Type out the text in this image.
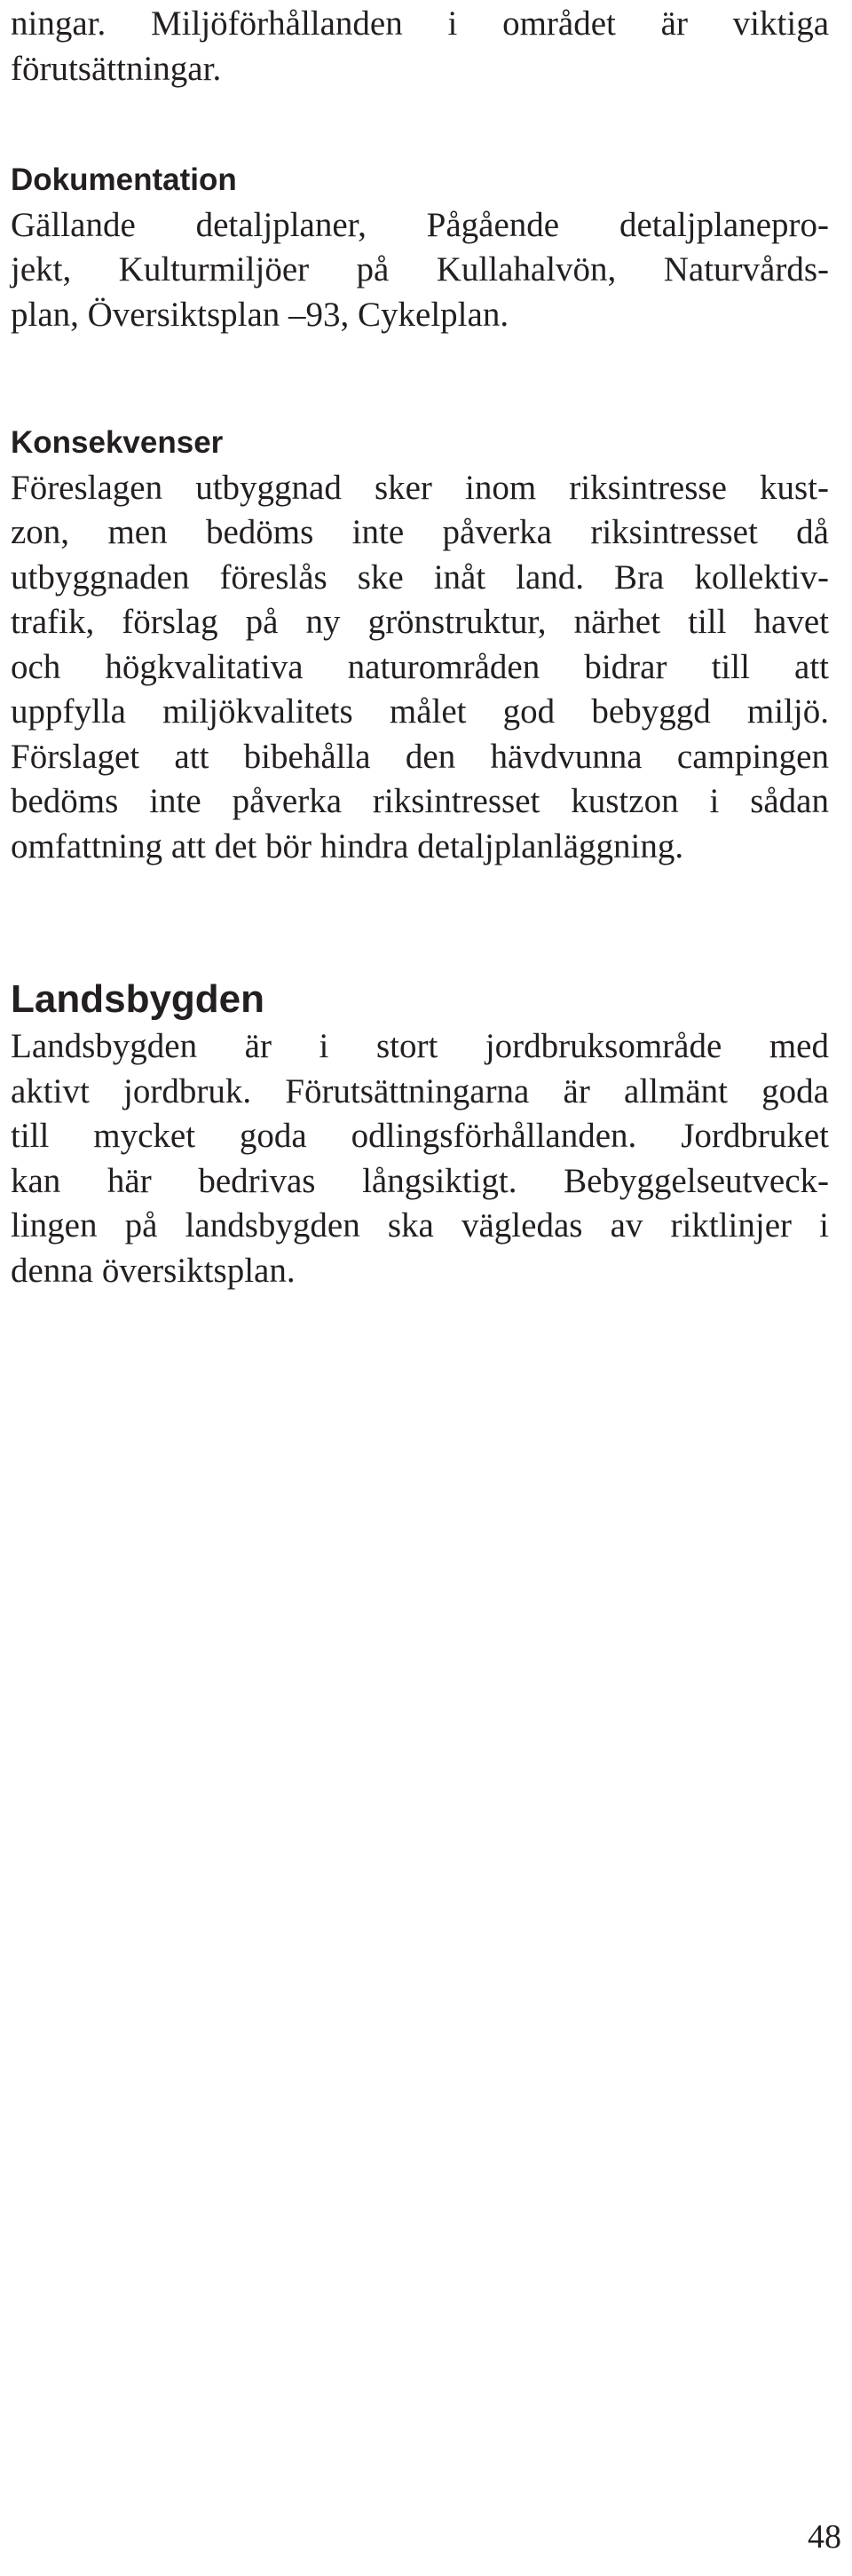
ningar. Miljöförhållanden i området är viktiga
förutsättningar.
Dokumentation
Gällande detaljplaner, Pågående detaljplanepro-
jekt, Kulturmiljöer på Kullahalvön, Naturvårds-
plan, Översiktsplan –93, Cykelplan.
Konsekvenser
Föreslagen utbyggnad sker inom riksintresse kust-
zon, men bedöms inte påverka riksintresset då
utbyggnaden föreslås ske inåt land. Bra kollektiv-
trafik, förslag på ny grönstruktur, närhet till havet
och högkvalitativa naturområden bidrar till att
uppfylla miljökvalitets målet god bebyggd miljö.
Förslaget att bibehålla den hävdvunna campingen
bedöms inte påverka riksintresset kustzon i sådan
omfattning att det bör hindra detaljplanläggning.
Landsbygden
Landsbygden är i stort jordbruksområde med
aktivt jordbruk. Förutsättningarna är allmänt goda
till mycket goda odlingsförhållanden. Jordbruket
kan här bedrivas långsiktigt. Bebyggelseutveck-
lingen på landsbygden ska vägledas av riktlinjer i
denna översiktsplan.
48
